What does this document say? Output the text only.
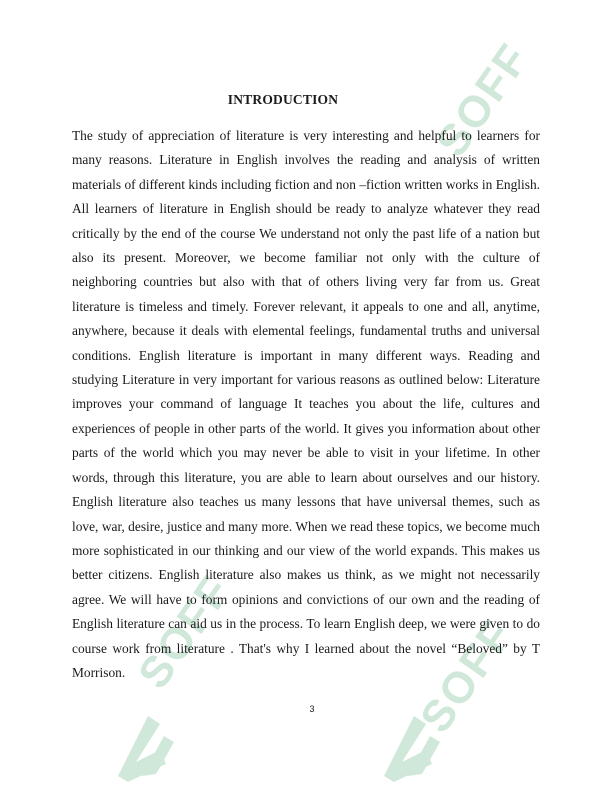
SOFF
SOFF	SOFF
INTRODUCTION
The study of appreciation of literature is very interesting and helpful to learners for many reasons. Literature in English involves the reading and analysis of written materials of different kinds including fiction and non –fiction written works in English. All learners of literature in English should be ready to analyze whatever they read critically by the end of the course We understand not only the past life of a nation but also its present. Moreover, we become familiar not only with the culture of neighboring countries but also with that of others living very far from us. Great literature is timeless and timely. Forever relevant, it appeals to one and all, anytime, anywhere, because it deals with elemental feelings, fundamental truths and universal conditions. English literature is important in many different ways. Reading and studying Literature in very important for various reasons as outlined below: Literature improves your command of language It teaches you about the life, cultures and experiences of people in other parts of the world. It gives you information about other parts of the world which you may never be able to visit in your lifetime. In other words, through this literature, you are able to learn about ourselves and our history. English literature also teaches us many lessons that have universal themes, such as love, war, desire, justice and many more. When we read these topics, we become much more sophisticated in our thinking and our view of the world expands. This makes us better citizens. English literature also makes us think, as we might not necessarily agree. We will have to form opinions and convictions of our own and the reading of English literature can aid us in the process. To learn English deep, we were given to do course work from literature . That's why I learned about the novel “Beloved” by T Morrison.
3
